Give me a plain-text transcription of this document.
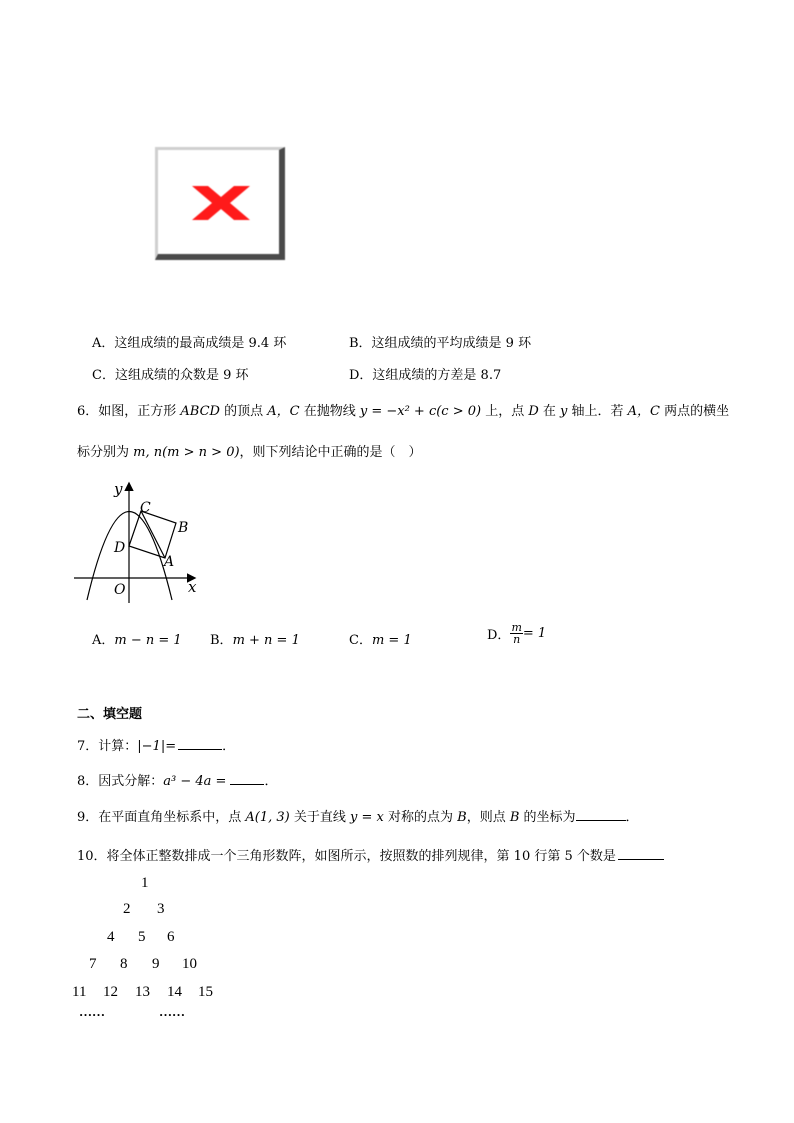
A．这组成绩的最高成绩是 9.4 环	B．这组成绩的平均成绩是 9 环
C．这组成绩的众数是 9 环	D．这组成绩的方差是 8.7
6．如图，正方形 ABCD 的顶点 A，C 在抛物线 y = −x² + c(c > 0) 上，点 D 在 y 轴上．若 A，C 两点的横坐
标分别为 m, n(m > n > 0)，则下列结论中正确的是（　）
y
x
O
C
B
D
A
A．m − n = 1 B．m + n = 1	C．m = 1	D． $\frac{m}{n} = 1$
二、填空题
7．计算：|−1|=	．
8．因式分解：a³ − 4a =	．
9．在平面直角坐标系中，点 A(1, 3) 关于直线 y = x 对称的点为 B，则点 B 的坐标为	．
10．将全体正整数排成一个三角形数阵，如图所示，按照数的排列规律，第 10 行第 5 个数是
1
2 3
4 5 6
7 8 9 10
11 12 13 14 15
……	……
